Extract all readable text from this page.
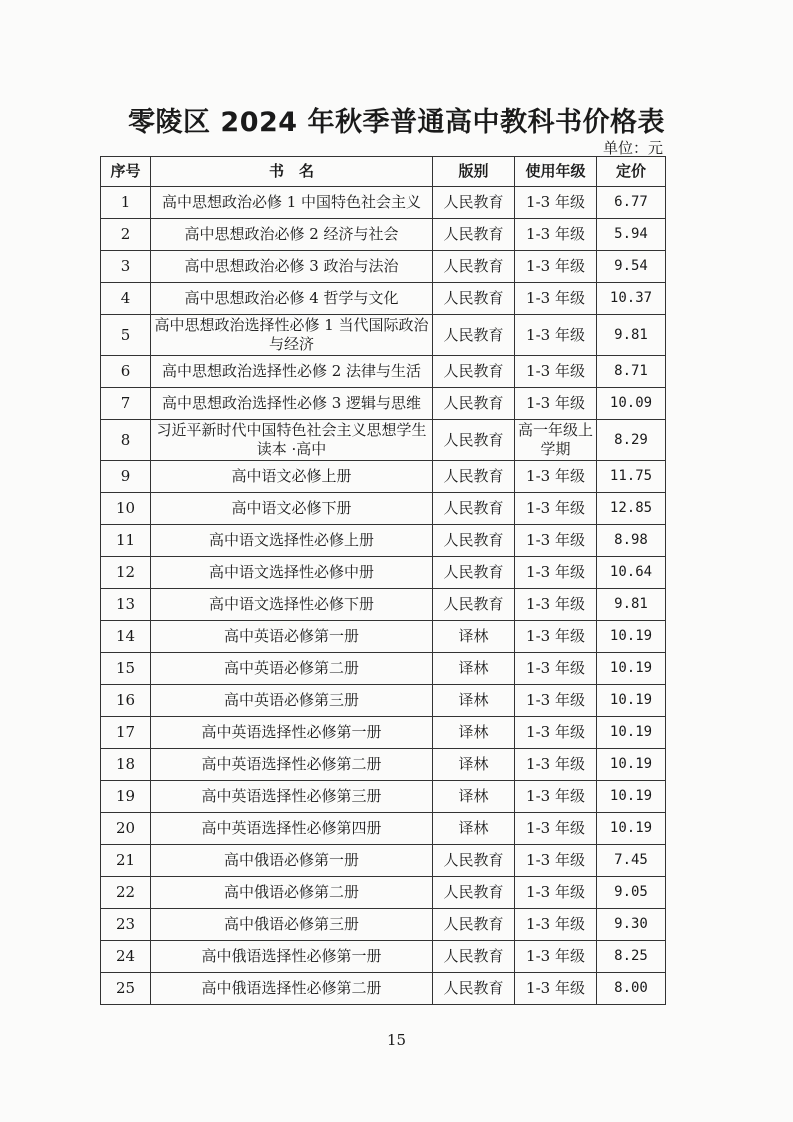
零陵区 2024 年秋季普通高中教科书价格表
单位：元
序号	书　名	版别	使用年级	定价
1	高中思想政治必修 1 中国特色社会主义	人民教育	1-3 年级	6.77
2	高中思想政治必修 2 经济与社会	人民教育	1-3 年级	5.94
3	高中思想政治必修 3 政治与法治	人民教育	1-3 年级	9.54
4	高中思想政治必修 4 哲学与文化	人民教育	1-3 年级	10.37
5	高中思想政治选择性必修 1 当代国际政治与经济	人民教育	1-3 年级	9.81
6	高中思想政治选择性必修 2 法律与生活	人民教育	1-3 年级	8.71
7	高中思想政治选择性必修 3 逻辑与思维	人民教育	1-3 年级	10.09
8	习近平新时代中国特色社会主义思想学生读本 ·高中	人民教育	高一年级上学期	8.29
9	高中语文必修上册	人民教育	1-3 年级	11.75
10	高中语文必修下册	人民教育	1-3 年级	12.85
11	高中语文选择性必修上册	人民教育	1-3 年级	8.98
12	高中语文选择性必修中册	人民教育	1-3 年级	10.64
13	高中语文选择性必修下册	人民教育	1-3 年级	9.81
14	高中英语必修第一册	译林	1-3 年级	10.19
15	高中英语必修第二册	译林	1-3 年级	10.19
16	高中英语必修第三册	译林	1-3 年级	10.19
17	高中英语选择性必修第一册	译林	1-3 年级	10.19
18	高中英语选择性必修第二册	译林	1-3 年级	10.19
19	高中英语选择性必修第三册	译林	1-3 年级	10.19
20	高中英语选择性必修第四册	译林	1-3 年级	10.19
21	高中俄语必修第一册	人民教育	1-3 年级	7.45
22	高中俄语必修第二册	人民教育	1-3 年级	9.05
23	高中俄语必修第三册	人民教育	1-3 年级	9.30
24	高中俄语选择性必修第一册	人民教育	1-3 年级	8.25
25	高中俄语选择性必修第二册	人民教育	1-3 年级	8.00
15
